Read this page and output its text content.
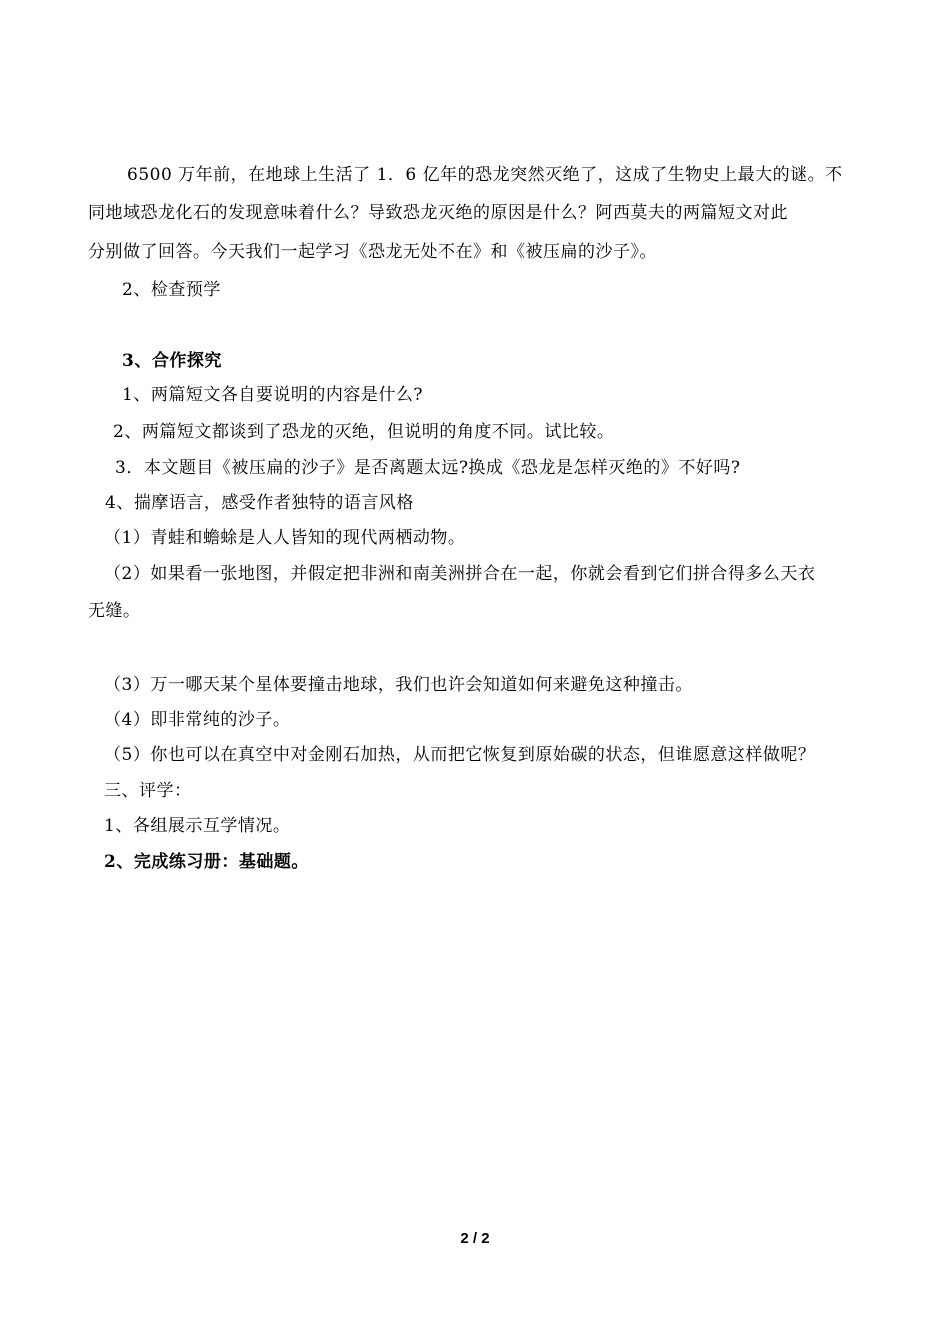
6500 万年前，在地球上生活了 1．6 亿年的恐龙突然灭绝了，这成了生物史上最大的谜。不
同地域恐龙化石的发现意味着什么？导致恐龙灭绝的原因是什么？阿西莫夫的两篇短文对此
分别做了回答。今天我们一起学习《恐龙无处不在》和《被压扁的沙子》。
2、检查预学
3、合作探究
1、两篇短文各自要说明的内容是什么?
2、两篇短文都谈到了恐龙的灭绝，但说明的角度不同。试比较。
3．本文题目《被压扁的沙子》是否离题太远?换成《恐龙是怎样灭绝的》不好吗?
4、揣摩语言，感受作者独特的语言风格
（1）青蛙和蟾蜍是人人皆知的现代两栖动物。
（2）如果看一张地图，并假定把非洲和南美洲拼合在一起，你就会看到它们拼合得多么天衣
无缝。
（3）万一哪天某个星体要撞击地球，我们也许会知道如何来避免这种撞击。
（4）即非常纯的沙子。
（5）你也可以在真空中对金刚石加热，从而把它恢复到原始碳的状态，但谁愿意这样做呢？
三、评学：
1、各组展示互学情况。
2、完成练习册：基础题。
2 / 2
